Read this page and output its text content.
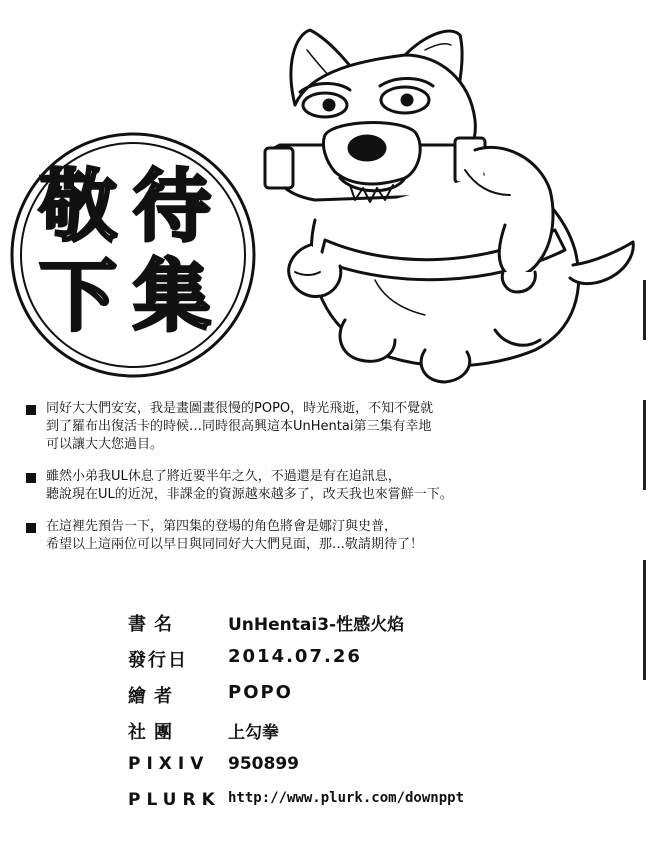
敬待
下集
同好大大們安安，我是畫圖畫很慢的POPO，時光飛逝，不知不覺就
到了羅布出復活卡的時候…同時很高興這本UnHentai第三集有幸地
可以讓大大您過目。
雖然小弟我UL休息了將近要半年之久，不過還是有在追訊息，
聽說現在UL的近況，非課金的資源越來越多了，改天我也來嘗鮮一下。
在這裡先預告一下，第四集的登場的角色將會是娜汀與史普，
希望以上這兩位可以早日與同同好大大們見面，那…敬請期待了！
書名	UnHentai3-性感火焰
發行日	2014.07.26
繪者	POPO
社團	上勾拳
PIXIV	950899
PLURK http://www.plurk.com/downppt
